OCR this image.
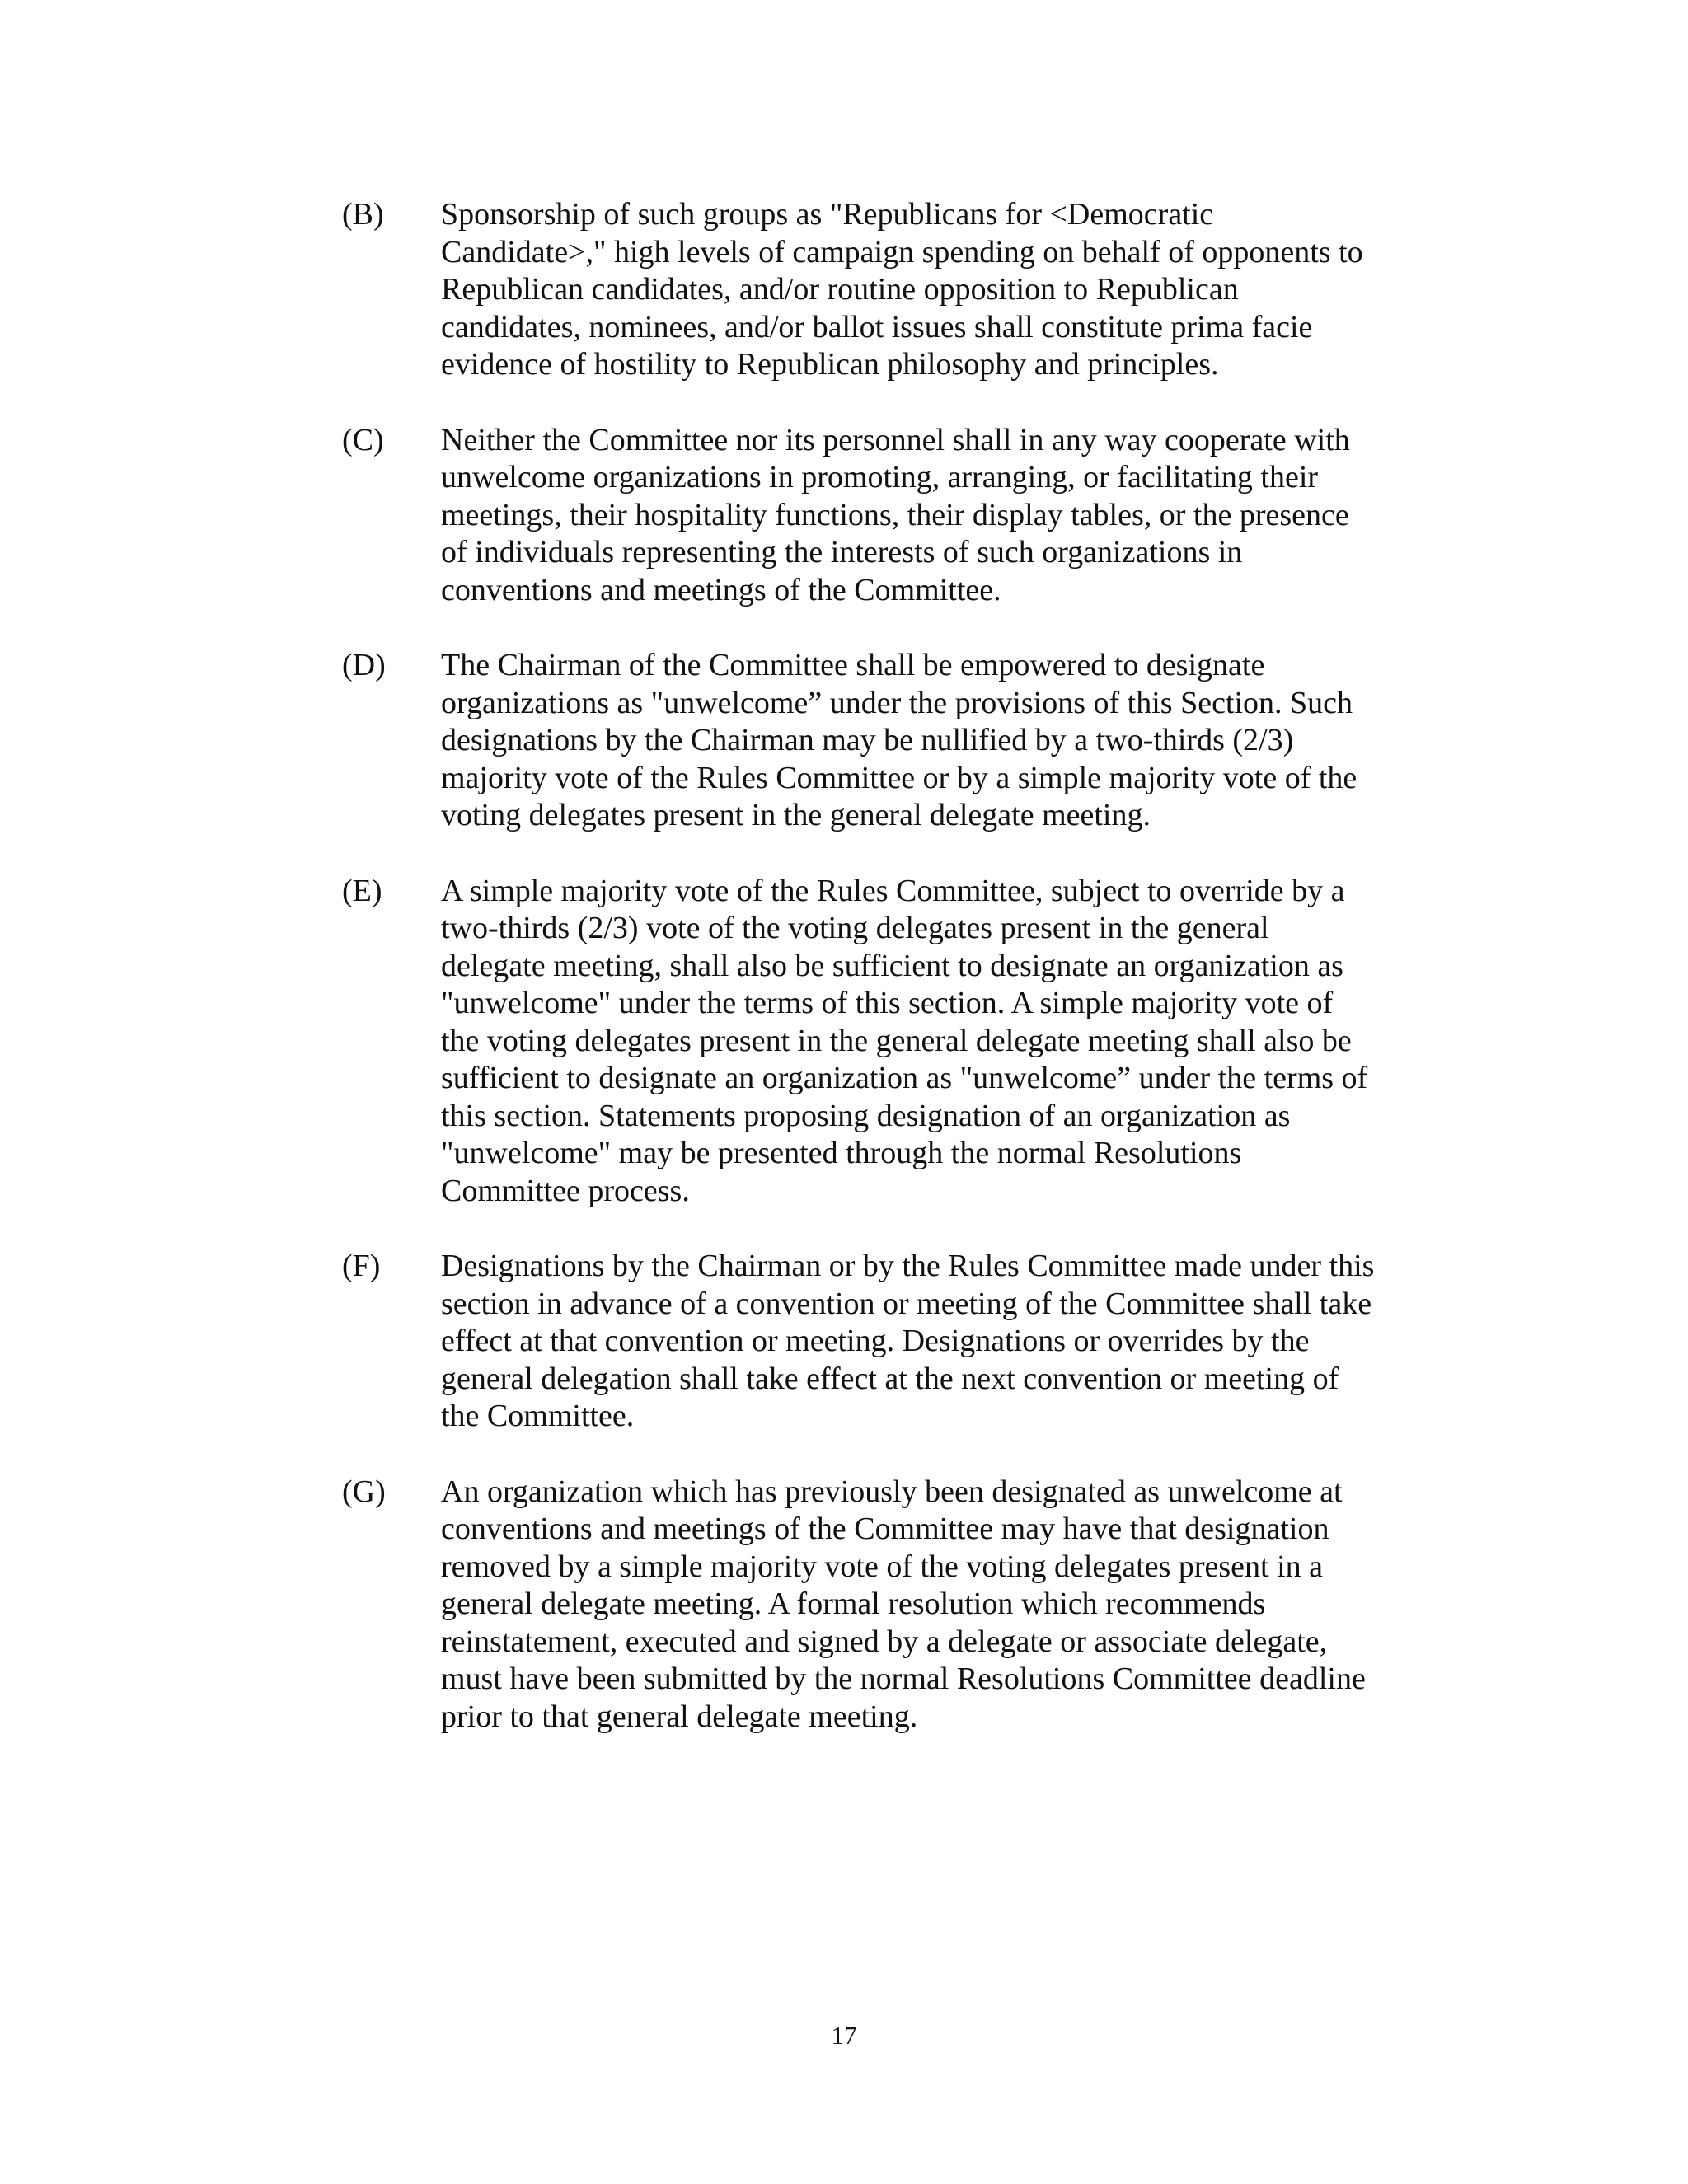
(B)	Sponsorship of such groups as "Republicans for <Democratic
Candidate>," high levels of campaign spending on behalf of opponents to
Republican candidates, and/or routine opposition to Republican
candidates, nominees, and/or ballot issues shall constitute prima facie
evidence of hostility to Republican philosophy and principles.
(C)	Neither the Committee nor its personnel shall in any way cooperate with
unwelcome organizations in promoting, arranging, or facilitating their
meetings, their hospitality functions, their display tables, or the presence
of individuals representing the interests of such organizations in
conventions and meetings of the Committee.
(D)	The Chairman of the Committee shall be empowered to designate
organizations as "unwelcome” under the provisions of this Section. Such
designations by the Chairman may be nullified by a two-thirds (2/3)
majority vote of the Rules Committee or by a simple majority vote of the
voting delegates present in the general delegate meeting.
(E)	A simple majority vote of the Rules Committee, subject to override by a
two-thirds (2/3) vote of the voting delegates present in the general
delegate meeting, shall also be sufficient to designate an organization as
"unwelcome" under the terms of this section. A simple majority vote of
the voting delegates present in the general delegate meeting shall also be
sufficient to designate an organization as "unwelcome” under the terms of
this section. Statements proposing designation of an organization as
"unwelcome" may be presented through the normal Resolutions
Committee process.
(F)	Designations by the Chairman or by the Rules Committee made under this
section in advance of a convention or meeting of the Committee shall take
effect at that convention or meeting. Designations or overrides by the
general delegation shall take effect at the next convention or meeting of
the Committee.
(G)	An organization which has previously been designated as unwelcome at
conventions and meetings of the Committee may have that designation
removed by a simple majority vote of the voting delegates present in a
general delegate meeting. A formal resolution which recommends
reinstatement, executed and signed by a delegate or associate delegate,
must have been submitted by the normal Resolutions Committee deadline
prior to that general delegate meeting.
17
